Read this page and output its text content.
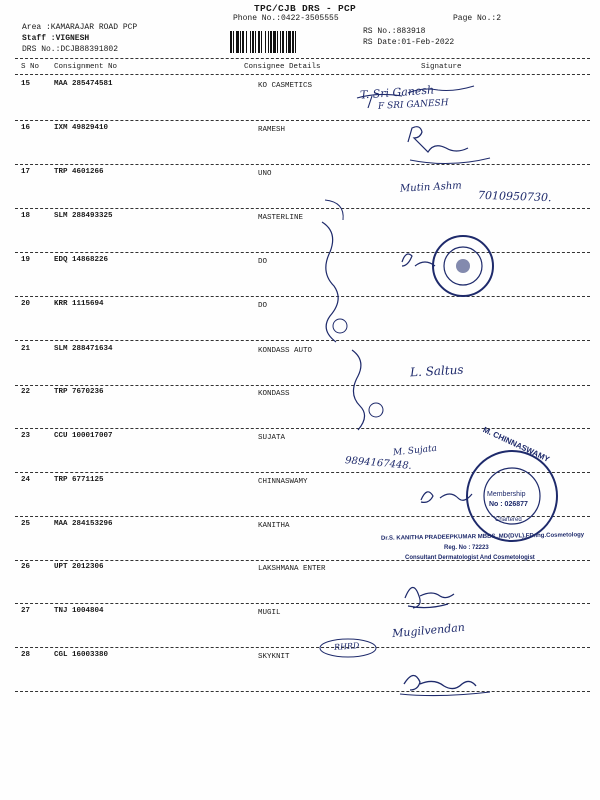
TPC/CJB DRS - PCP
Phone No.:0422-3505555	Page No.:2
Area :KAMARAJAR ROAD PCP
Staff :VIGNESH
DRS No.:DCJB88391802
RS No.:883918
RS Date:01-Feb-2022
S No Consignment No	Consignee Details	Signature
15	MAA 285474581	KO CASMETICS
16	IXM 49829410	RAMESH
17	TRP 4601266	UNO
18	SLM 288493325	MASTERLINE
19	EDQ 14868226	DO
20	KRR 1115694	DO
21	SLM 288471634	KONDASS AUTO
22	TRP 7670236	KONDASS
23	CCU 100017007	SUJATA
24	TRP 6771125	CHINNASWAMY
25	MAA 284153296	KANITHA
26	UPT 2012306	LAKSHMANA ENTER
27	TNJ 1004804	MUGIL
28	CGL 16003380	SKYKNIT
T. Sri Ganesh
F SRI GANESH
Mutin Ashm
7010950730.
L. Saltus
M. Sujata
9894167448.
Mugilvendan
RHRD
M. CHINNASWAMY
Membership
No : 026877
Chartered
Dr.S. KANITHA PRADEEPKUMAR MBBS.,MD(DVL),FD.Ing.Cosmetology
Reg. No : 72223
Consultant Dermatologist And Cosmetologist
